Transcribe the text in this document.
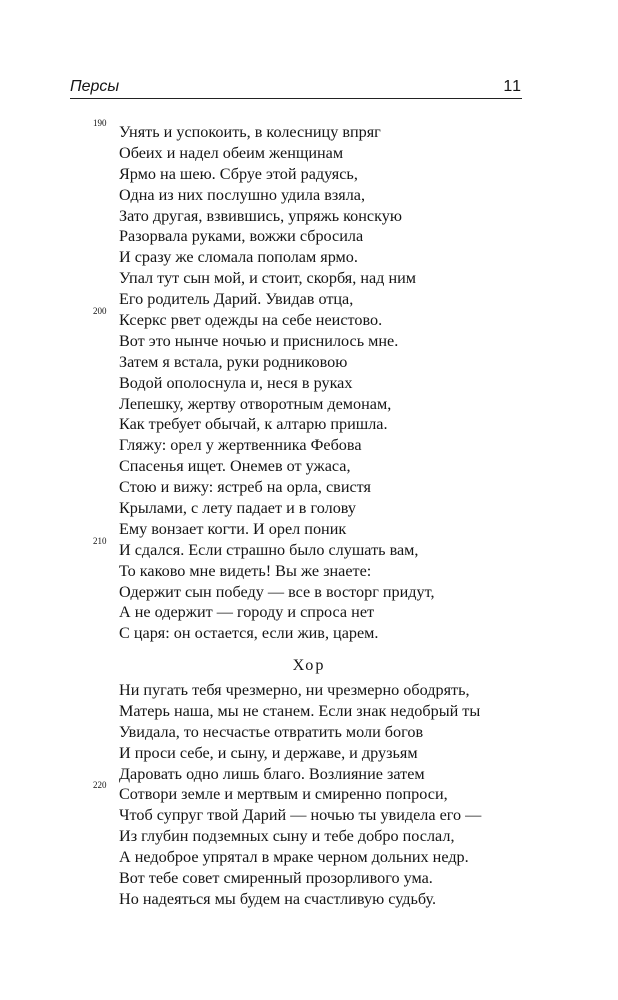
Персы	11
190 Унять и успокоить, в колесницу впряг
Обеих и надел обеим женщинам
Ярмо на шею. Сбруе этой радуясь,
Одна из них послушно удила взяла,
Зато другая, взвившись, упряжь конскую
Разорвала руками, вожжи сбросила
И сразу же сломала пополам ярмо.
Упал тут сын мой, и стоит, скорбя, над ним
Его родитель Дарий. Увидав отца,
200 Ксеркс рвет одежды на себе неистово.
Вот это нынче ночью и приснилось мне.
Затем я встала, руки родниковою
Водой ополоснула и, неся в руках
Лепешку, жертву отворотным демонам,
Как требует обычай, к алтарю пришла.
Гляжу: орел у жертвенника Фебова
Спасенья ищет. Онемев от ужаса,
Стою и вижу: ястреб на орла, свистя
Крылами, с лету падает и в голову
Ему вонзает когти. И орел поник
210 И сдался. Если страшно было слушать вам,
То каково мне видеть! Вы же знаете:
Одержит сын победу — все в восторг придут,
А не одержит — городу и спроса нет
С царя: он остается, если жив, царем.
Хор
Ни пугать тебя чрезмерно, ни чрезмерно ободрять,
Матерь наша, мы не станем. Если знак недобрый ты
Увидала, то несчастье отвратить моли богов
И проси себе, и сыну, и державе, и друзьям
Даровать одно лишь благо. Возлияние затем
220 Сотвори земле и мертвым и смиренно попроси,
Чтоб супруг твой Дарий — ночью ты увидела его —
Из глубин подземных сыну и тебе добро послал,
А недоброе упрятал в мраке черном дольних недр.
Вот тебе совет смиренный прозорливого ума.
Но надеяться мы будем на счастливую судьбу.
